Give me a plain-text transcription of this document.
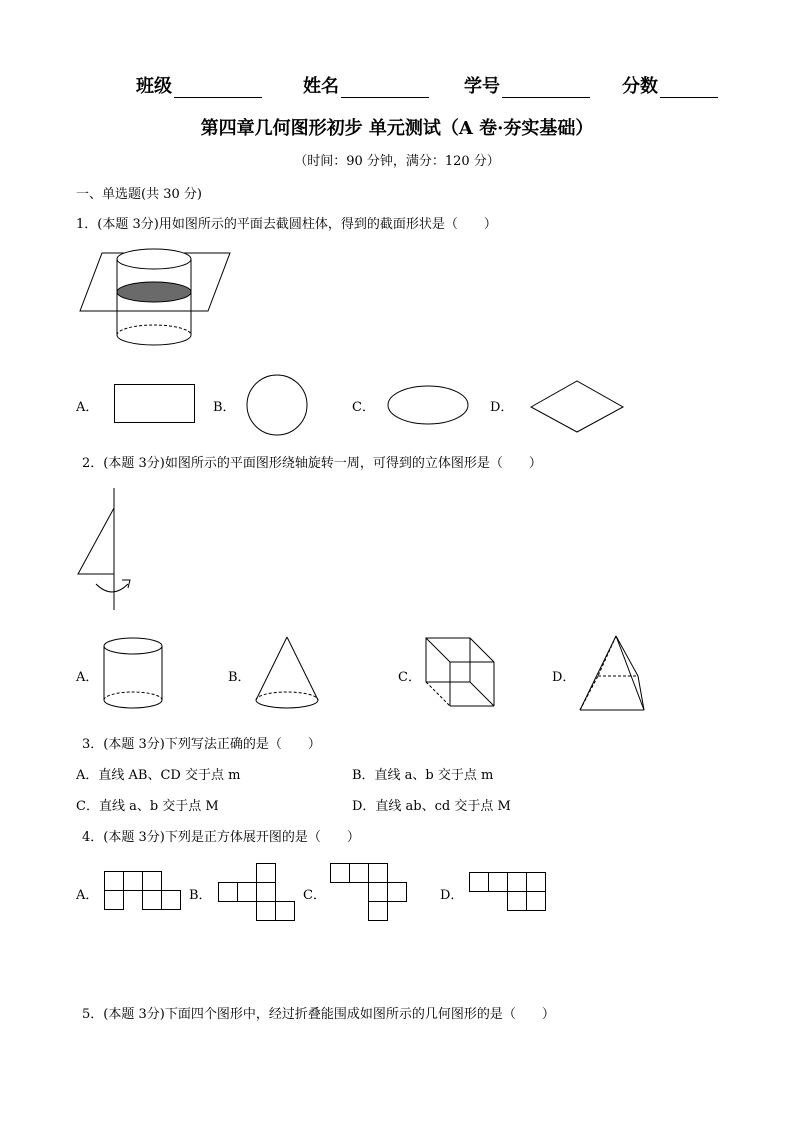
班级	姓名	学号	分数
第四章几何图形初步 单元测试（A 卷·夯实基础）
（时间：90 分钟，满分：120 分）
一、单选题(共 30 分)
1．(本题 3分)用如图所示的平面去截圆柱体，得到的截面形状是（　　）
A．	B．	C．	D．
2．(本题 3分)如图所示的平面图形绕轴旋转一周，可得到的立体图形是（　　）
A．	B．	C．	D．
3．(本题 3分)下列写法正确的是（　　）
A．直线 AB、CD 交于点 m	B．直线 a、b 交于点 m
C．直线 a、b 交于点 M	D．直线 ab、cd 交于点 M
4．(本题 3分)下列是正方体展开图的是（　　）
A．	B．	C．	D．
5．(本题 3分)下面四个图形中，经过折叠能围成如图所示的几何图形的是（　　）
